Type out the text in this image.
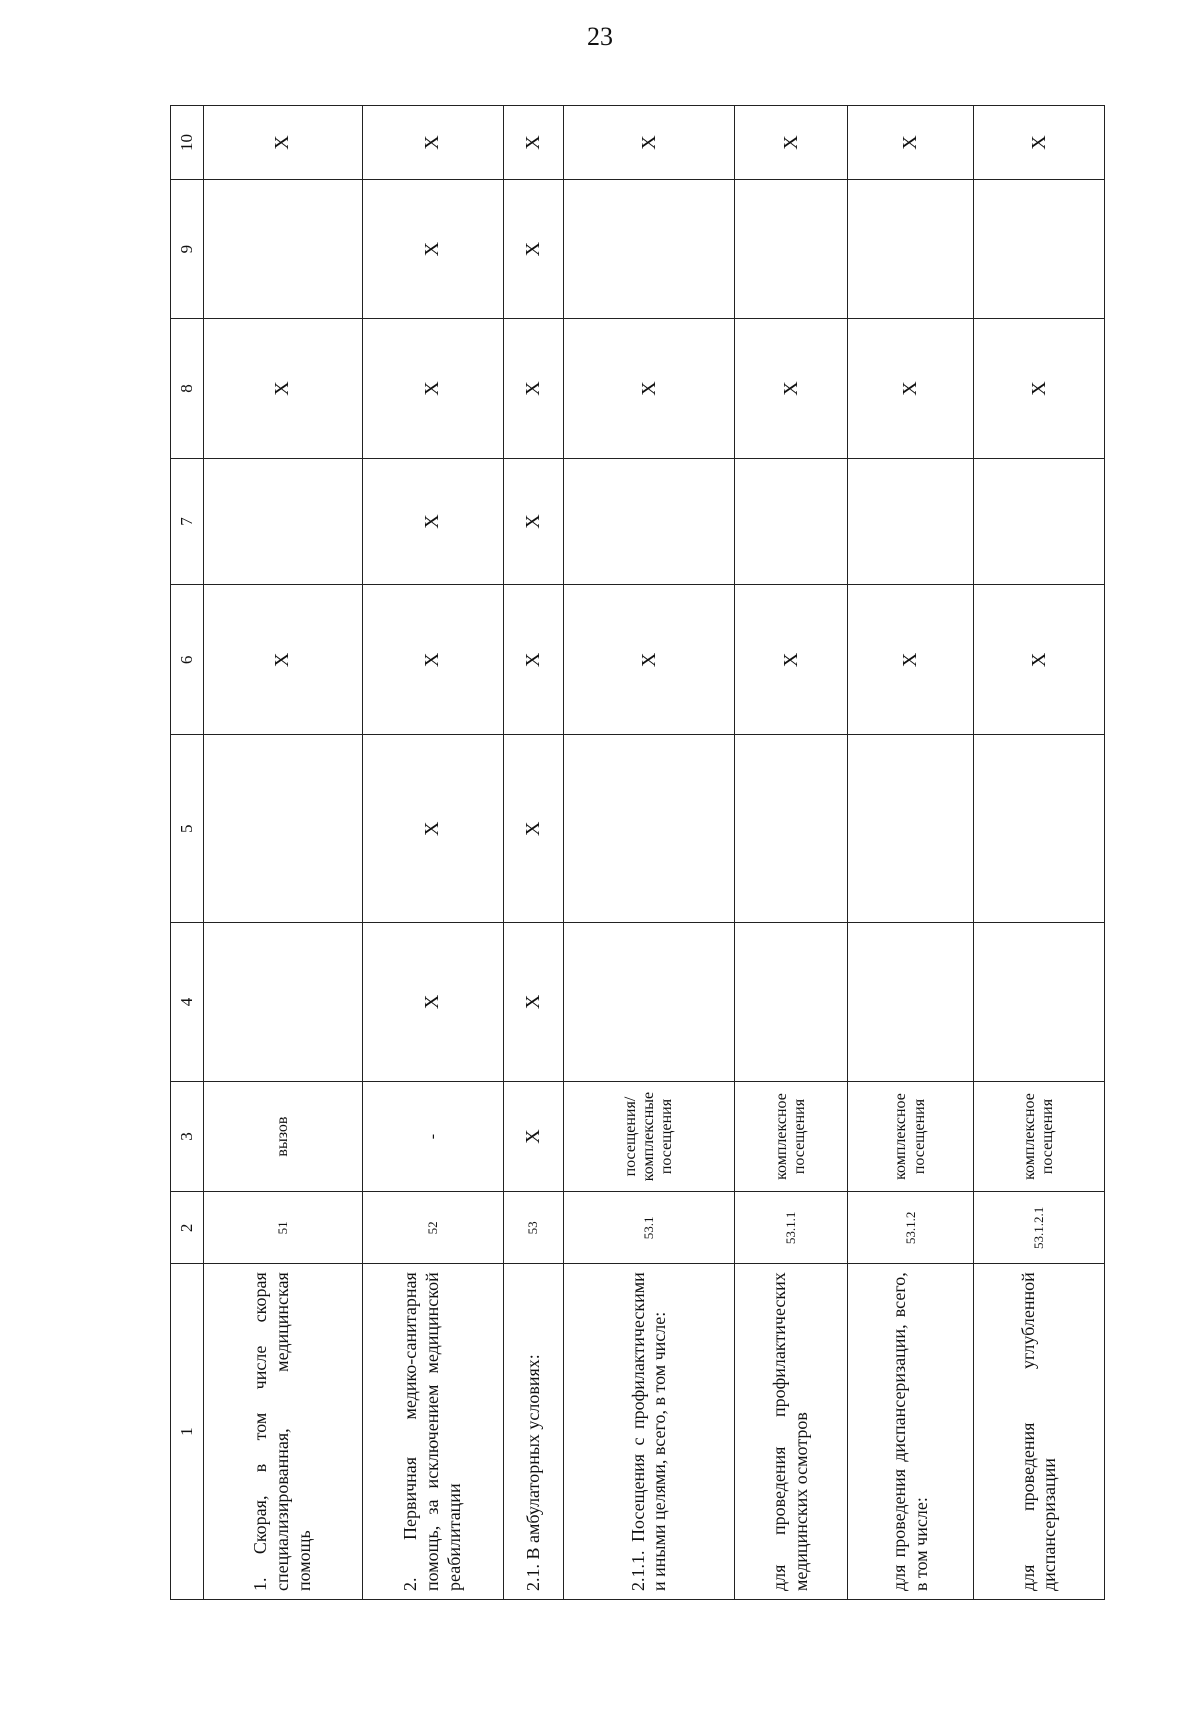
23
1	2	3	4	5	6	7	8	9	10
1. Скорая, в том числе скорая специализированная, медицинская помощь	51	вызов			X		X		X
2. Первичная медико-санитарная помощь, за исключением медицинской реабилитации	52	-	X	X	X	X	X	X	X
2.1. В амбулаторных условиях:	53	X	X	X	X	X	X	X	X
2.1.1. Посещения с профилактическими и иными целями, всего, в том числе:	53.1	посещения/ комплексные посещения			X		X		X
для проведения профилактических медицинских осмотров	53.1.1	комплексное посещения			X		X		X
для проведения диспансеризации, всего, в том числе:	53.1.2	комплексное посещения			X		X		X
для проведения углубленной диспансеризации	53.1.2.1	комплексное посещения			X		X		X
